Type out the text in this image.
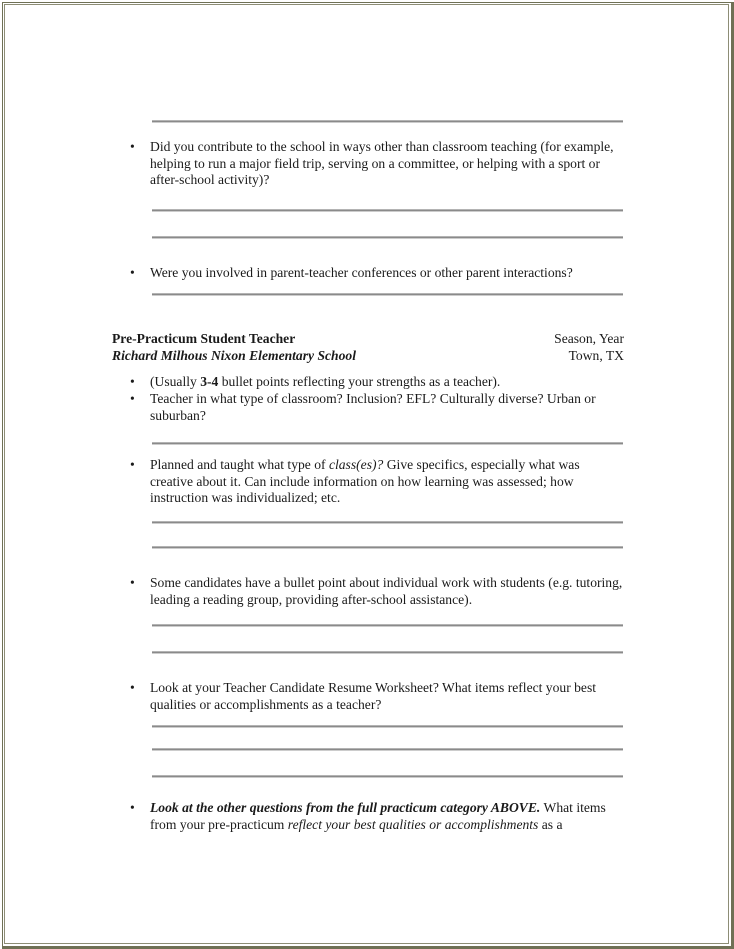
• Did you contribute to the school in ways other than classroom teaching (for example, helping to run a major field trip, serving on a committee, or helping with a sport or after-school activity)?
• Were you involved in parent-teacher conferences or other parent interactions?
Pre-Practicum Student Teacher	Season, Year
Richard Milhous Nixon Elementary School	Town, TX
• (Usually 3-4 bullet points reflecting your strengths as a teacher).
• Teacher in what type of classroom? Inclusion? EFL? Culturally diverse? Urban or suburban?
• Planned and taught what type of class(es)? Give specifics, especially what was creative about it. Can include information on how learning was assessed; how instruction was individualized; etc.
• Some candidates have a bullet point about individual work with students (e.g. tutoring, leading a reading group, providing after-school assistance).
• Look at your Teacher Candidate Resume Worksheet? What items reflect your best qualities or accomplishments as a teacher?
• Look at the other questions from the full practicum category ABOVE. What items from your pre-practicum reflect your best qualities or accomplishments as a
